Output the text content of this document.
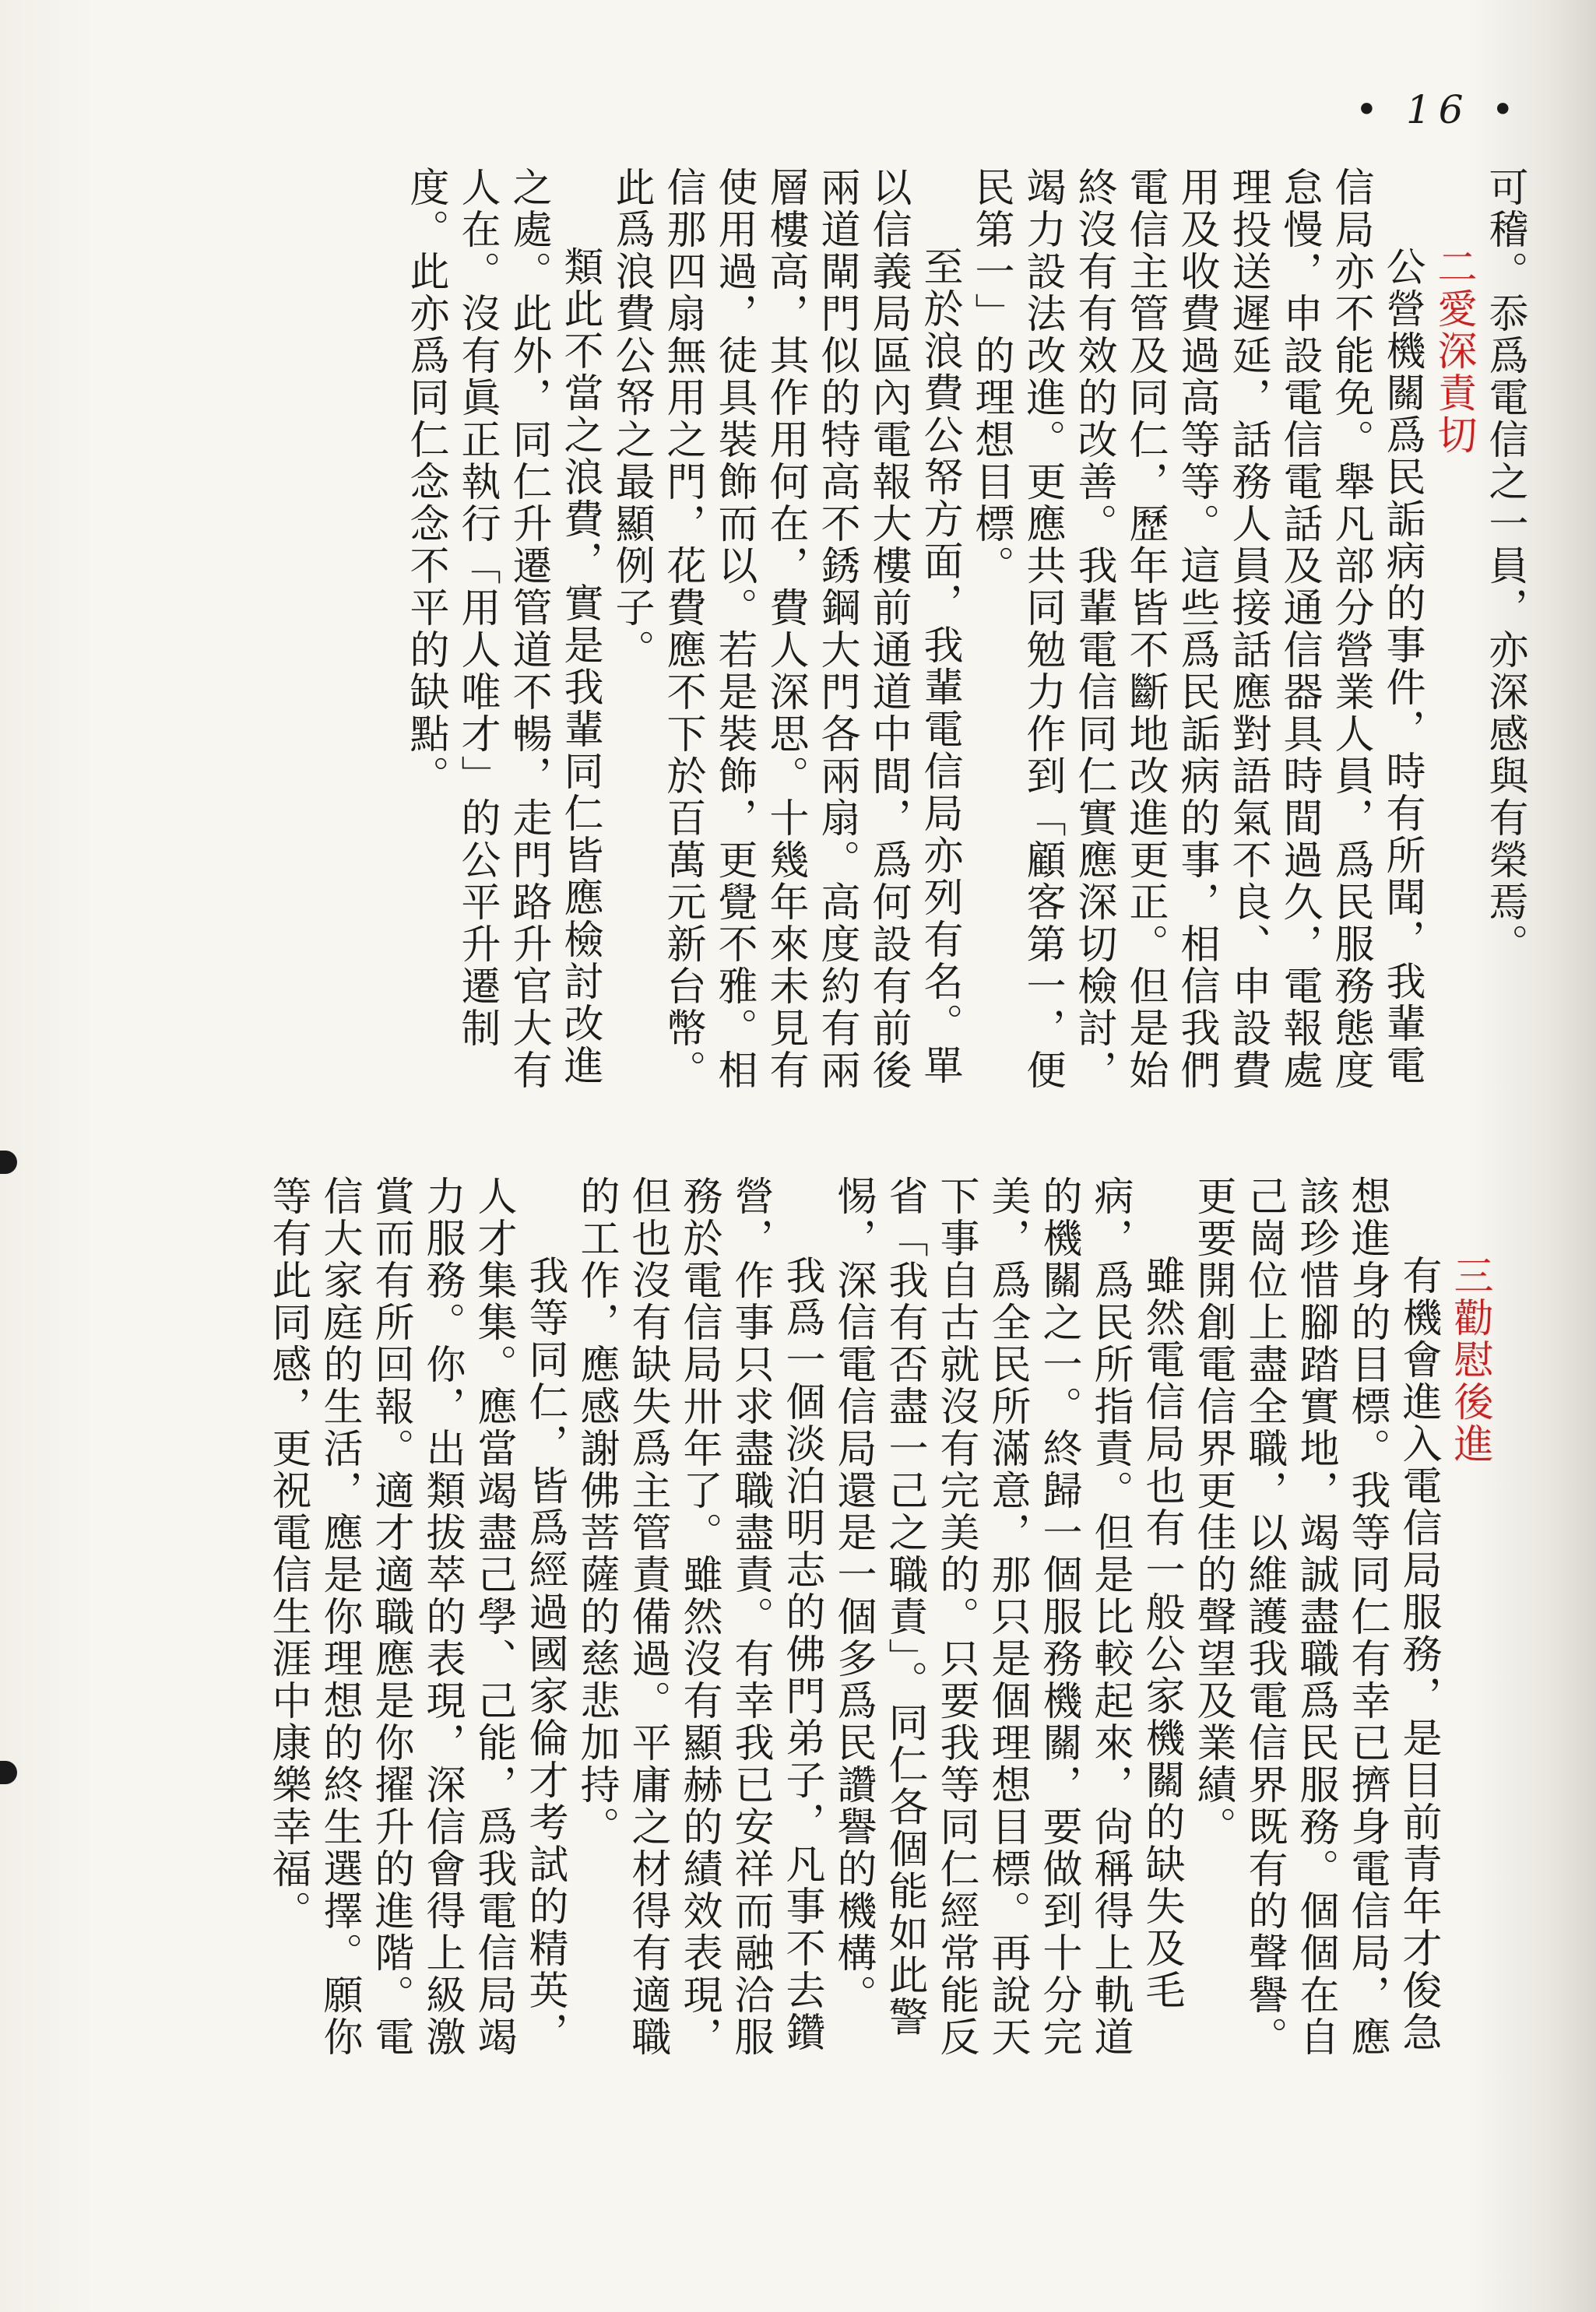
• 16 •

可稽。忝爲電信之一員，亦深感與有榮焉。

二愛深責切

公營機關爲民詬病的事件，時有所聞，我輩電信局亦不能免。舉凡部分營業人員，爲民服務態度怠慢，申設電信電話及通信器具時間過久，電報處理投送遲延，話務人員接話應對語氣不良、申設費用及收費過高等等。這些爲民詬病的事，相信我們電信主管及同仁，歷年皆不斷地改進更正。但是始終沒有有效的改善。我輩電信同仁實應深切檢討，竭力設法改進。更應共同勉力作到「顧客第一，便民第一」的理想目標。

至於浪費公帑方面，我輩電信局亦列有名。單以信義局區內電報大樓前通道中間，爲何設有前後兩道閘門似的特高不銹鋼大門各兩扇。高度約有兩層樓高，其作用何在，費人深思。十幾年來未見有使用過，徒具裝飾而以。若是裝飾，更覺不雅。相信那四扇無用之門，花費應不下於百萬元新台幣。此爲浪費公帑之最顯例子。

類此不當之浪費，實是我輩同仁皆應檢討改進之處。此外，同仁升遷管道不暢，走門路升官大有人在。沒有眞正執行「用人唯才」的公平升遷制度。此亦爲同仁念念不平的缺點。

三勸慰後進

有機會進入電信局服務，是目前青年才俊急想進身的目標。我等同仁有幸已擠身電信局，應該珍惜腳踏實地，竭誠盡職爲民服務。個個在自己崗位上盡全職，以維護我電信界既有的聲譽。更要開創電信界更佳的聲望及業績。

雖然電信局也有一般公家機關的缺失及毛病，爲民所指責。但是比較起來，尙稱得上軌道的機關之一。終歸一個服務機關，要做到十分完美，爲全民所滿意，那只是個理想目標。再說天下事自古就沒有完美的。只要我等同仁經常能反省「我有否盡一己之職責」。同仁各個能如此警惕，深信電信局還是一個多爲民讚譽的機構。

我爲一個淡泊明志的佛門弟子，凡事不去鑽營，作事只求盡職盡責。有幸我已安祥而融洽服務於電信局卅年了。雖然沒有顯赫的績效表現，但也沒有缺失爲主管責備過。平庸之材得有適職的工作，應感謝佛菩薩的慈悲加持。

我等同仁，皆爲經過國家倫才考試的精英，人才集集。應當竭盡己學、己能，爲我電信局竭力服務。你，出類拔萃的表現，深信會得上級激賞而有所回報。適才適職應是你擢升的進階。電信大家庭的生活，應是你理想的終生選擇。願你等有此同感，更祝電信生涯中康樂幸福。
